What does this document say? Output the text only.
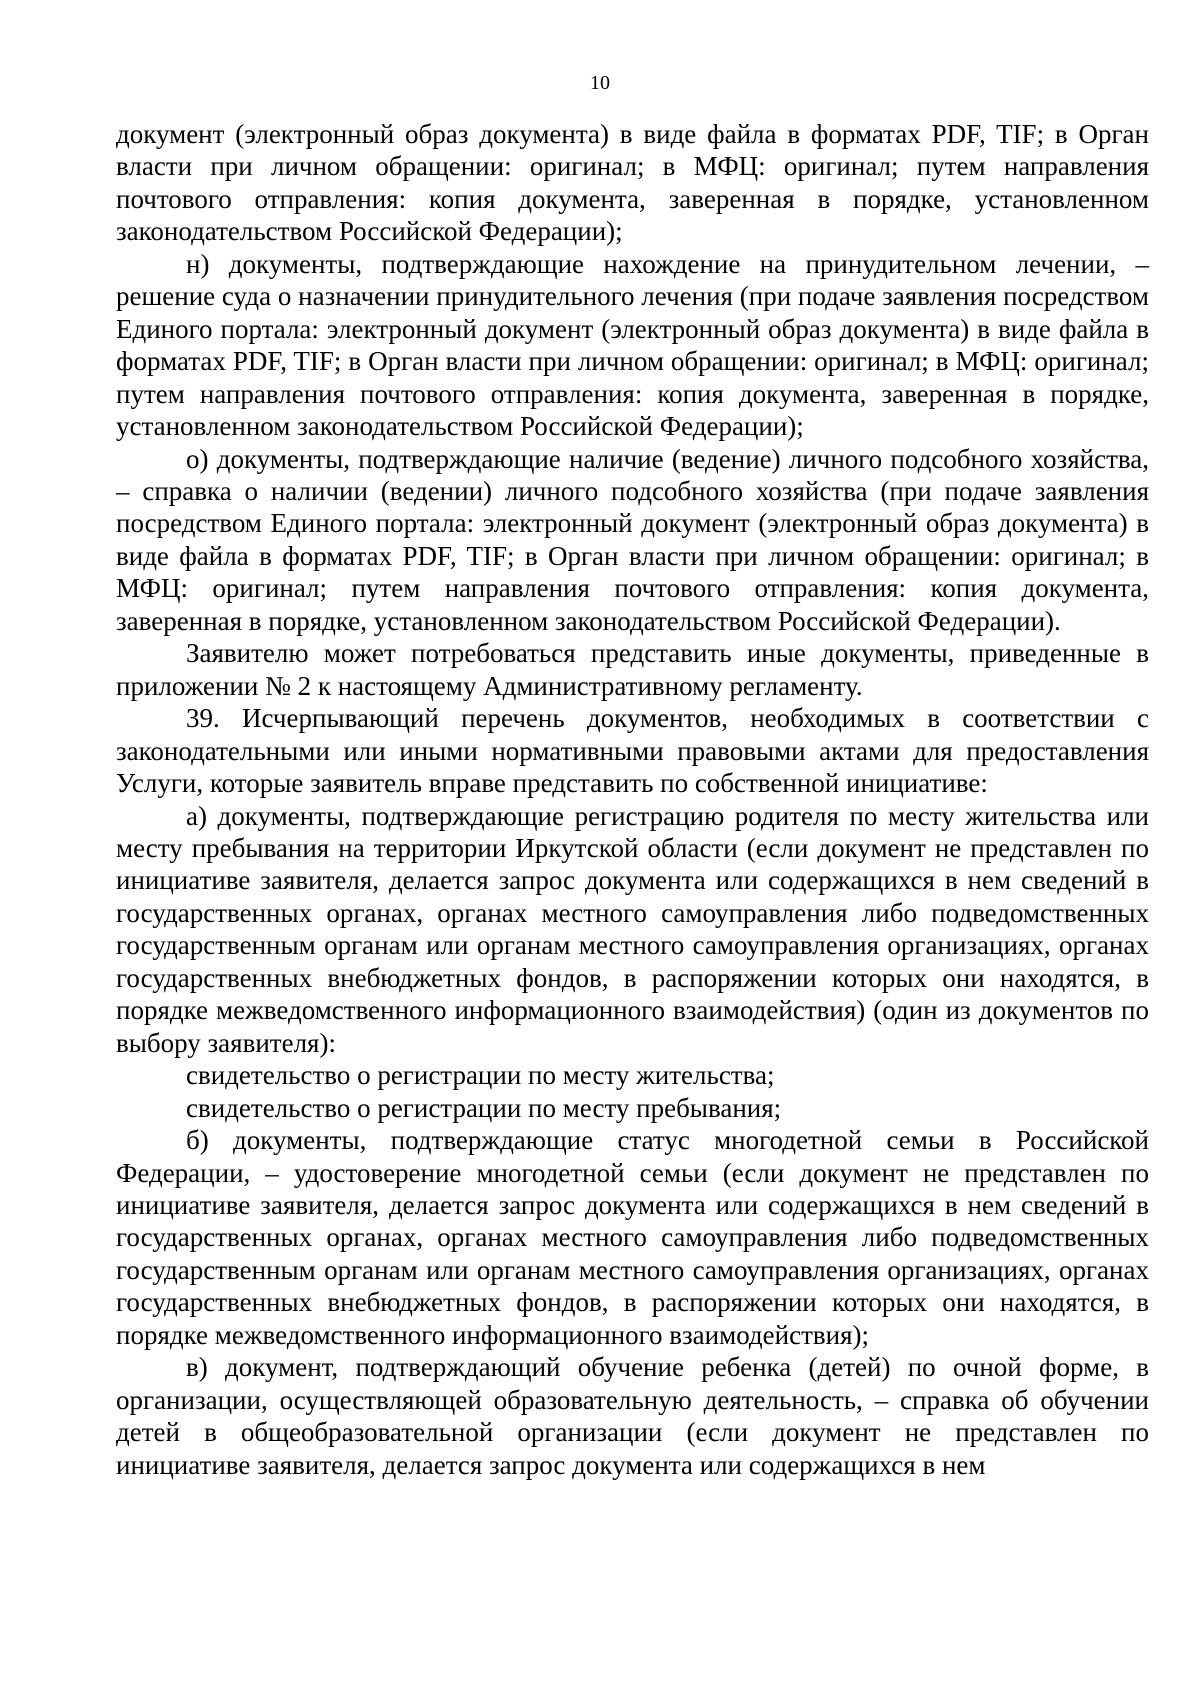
10

документ (электронный образ документа) в виде файла в форматах PDF, TIF; в Орган власти при личном обращении: оригинал; в МФЦ: оригинал; путем направления почтового отправления: копия документа, заверенная в порядке, установленном законодательством Российской Федерации);

н) документы, подтверждающие нахождение на принудительном лечении, – решение суда о назначении принудительного лечения (при подаче заявления посредством Единого портала: электронный документ (электронный образ документа) в виде файла в форматах PDF, TIF; в Орган власти при личном обращении: оригинал; в МФЦ: оригинал; путем направления почтового отправления: копия документа, заверенная в порядке, установленном законодательством Российской Федерации);

о) документы, подтверждающие наличие (ведение) личного подсобного хозяйства, – справка о наличии (ведении) личного подсобного хозяйства (при подаче заявления посредством Единого портала: электронный документ (электронный образ документа) в виде файла в форматах PDF, TIF; в Орган власти при личном обращении: оригинал; в МФЦ: оригинал; путем направления почтового отправления: копия документа, заверенная в порядке, установленном законодательством Российской Федерации).

Заявителю может потребоваться представить иные документы, приведенные в приложении № 2 к настоящему Административному регламенту.

39. Исчерпывающий перечень документов, необходимых в соответствии с законодательными или иными нормативными правовыми актами для предоставления Услуги, которые заявитель вправе представить по собственной инициативе:

а) документы, подтверждающие регистрацию родителя по месту жительства или месту пребывания на территории Иркутской области (если документ не представлен по инициативе заявителя, делается запрос документа или содержащихся в нем сведений в государственных органах, органах местного самоуправления либо подведомственных государственным органам или органам местного самоуправления организациях, органах государственных внебюджетных фондов, в распоряжении которых они находятся, в порядке межведомственного информационного взаимодействия) (один из документов по выбору заявителя):

свидетельство о регистрации по месту жительства;

свидетельство о регистрации по месту пребывания;

б) документы, подтверждающие статус многодетной семьи в Российской Федерации, – удостоверение многодетной семьи (если документ не представлен по инициативе заявителя, делается запрос документа или содержащихся в нем сведений в государственных органах, органах местного самоуправления либо подведомственных государственным органам или органам местного самоуправления организациях, органах государственных внебюджетных фондов, в распоряжении которых они находятся, в порядке межведомственного информационного взаимодействия);

в) документ, подтверждающий обучение ребенка (детей) по очной форме, в организации, осуществляющей образовательную деятельность, – справка об обучении детей в общеобразовательной организации (если документ не представлен по инициативе заявителя, делается запрос документа или содержащихся в нем
